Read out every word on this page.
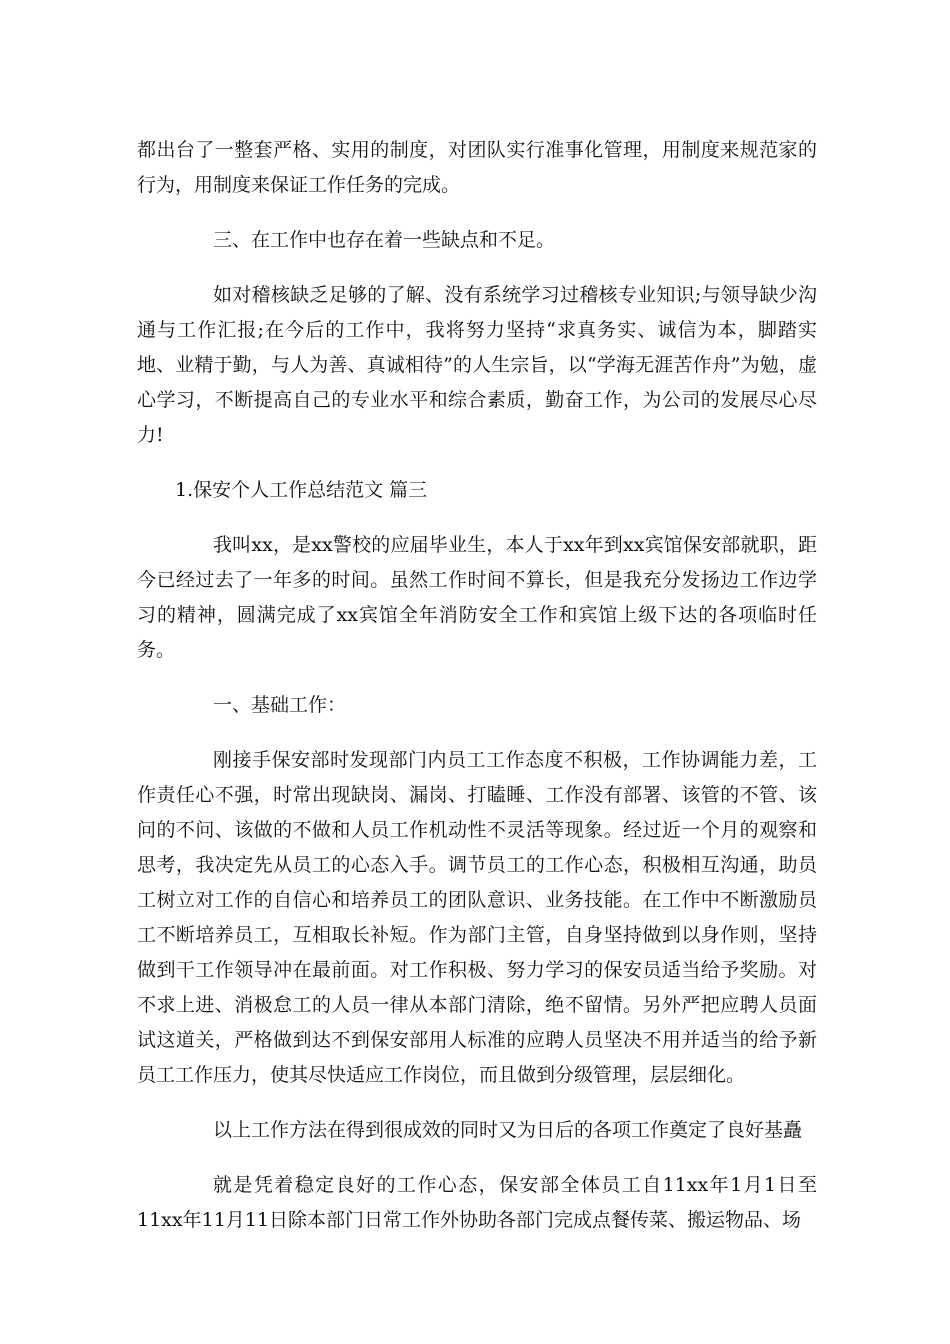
都出台了一整套严格、实用的制度，对团队实行准事化管理，用制度来规范家的行为，用制度来保证工作任务的完成。

三、在工作中也存在着一些缺点和不足。

如对稽核缺乏足够的了解、没有系统学习过稽核专业知识;与领导缺少沟通与工作汇报;在今后的工作中，我将努力坚持“求真务实、诚信为本，脚踏实地、业精于勤，与人为善、真诚相待”的人生宗旨，以“学海无涯苦作舟”为勉，虚心学习，不断提高自己的专业水平和综合素质，勤奋工作，为公司的发展尽心尽力!

1.保安个人工作总结范文 篇三

我叫xx，是xx警校的应届毕业生，本人于xx年到xx宾馆保安部就职，距今已经过去了一年多的时间。虽然工作时间不算长，但是我充分发扬边工作边学习的精神，圆满完成了xx宾馆全年消防安全工作和宾馆上级下达的各项临时任务。

一、基础工作：

刚接手保安部时发现部门内员工工作态度不积极，工作协调能力差，工作责任心不强，时常出现缺岗、漏岗、打瞌睡、工作没有部署、该管的不管、该问的不问、该做的不做和人员工作机动性不灵活等现象。经过近一个月的观察和思考，我决定先从员工的心态入手。调节员工的工作心态，积极相互沟通，助员工树立对工作的自信心和培养员工的团队意识、业务技能。在工作中不断激励员工不断培养员工，互相取长补短。作为部门主管，自身坚持做到以身作则，坚持做到干工作领导冲在最前面。对工作积极、努力学习的保安员适当给予奖励。对不求上进、消极怠工的人员一律从本部门清除，绝不留情。另外严把应聘人员面试这道关，严格做到达不到保安部用人标准的应聘人员坚决不用并适当的给予新员工工作压力，使其尽快适应工作岗位，而且做到分级管理，层层细化。

以上工作方法在得到很成效的同时又为日后的各项工作奠定了良好基矗

就是凭着稳定良好的工作心态，保安部全体员工自11xx年1月1日至11xx年11月11日除本部门日常工作外协助各部门完成点餐传菜、搬运物品、场
